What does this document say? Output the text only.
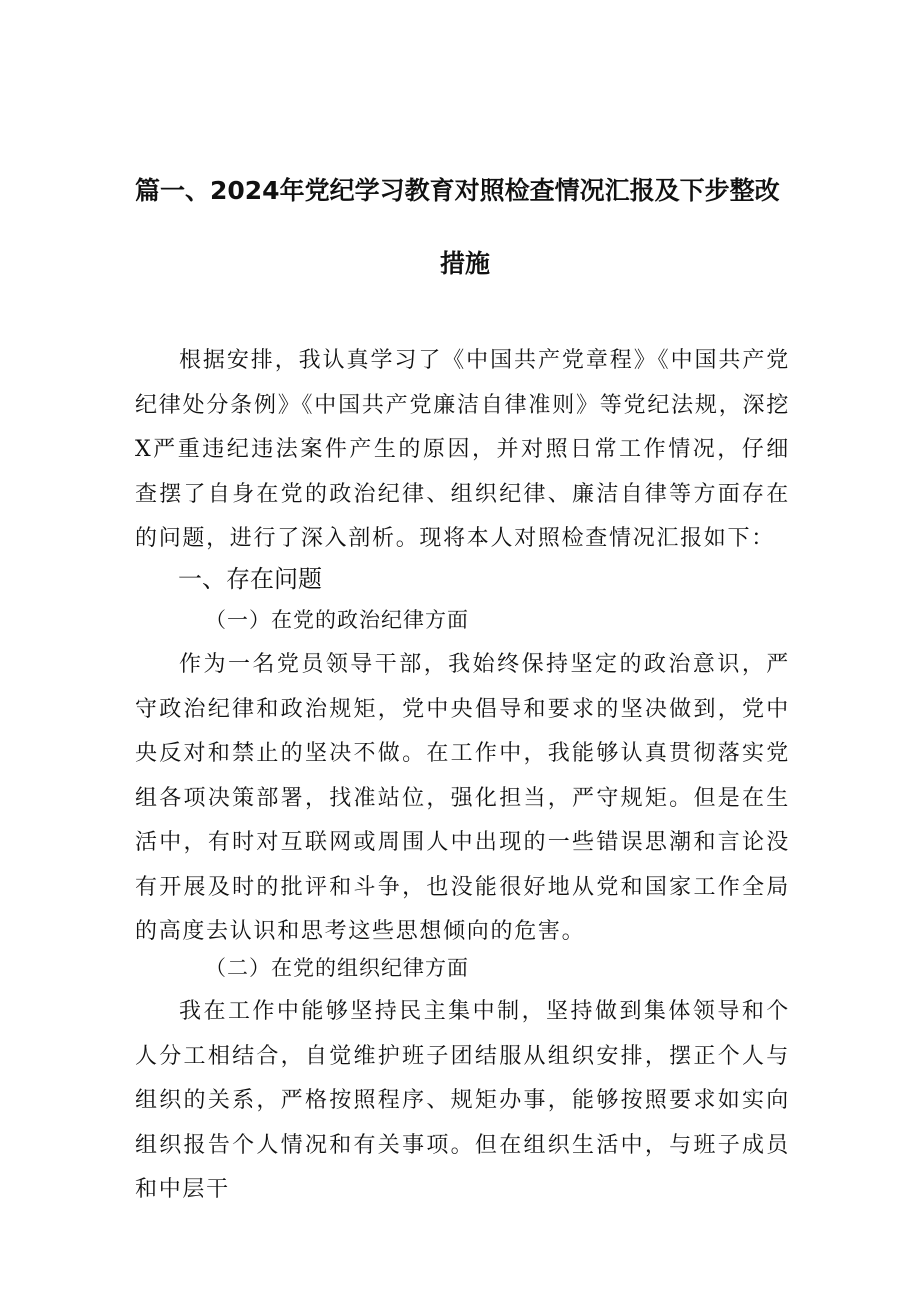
篇一、2024年党纪学习教育对照检查情况汇报及下步整改
措施

根据安排，我认真学习了《中国共产党章程》《中国共产党纪律处分条例》《中国共产党廉洁自律准则》等党纪法规，深挖X严重违纪违法案件产生的原因，并对照日常工作情况，仔细查摆了自身在党的政治纪律、组织纪律、廉洁自律等方面存在的问题，进行了深入剖析。现将本人对照检查情况汇报如下：

一、存在问题
（一）在党的政治纪律方面

作为一名党员领导干部，我始终保持坚定的政治意识，严守政治纪律和政治规矩，党中央倡导和要求的坚决做到，党中央反对和禁止的坚决不做。在工作中，我能够认真贯彻落实党组各项决策部署，找准站位，强化担当，严守规矩。但是在生活中，有时对互联网或周围人中出现的一些错误思潮和言论没有开展及时的批评和斗争，也没能很好地从党和国家工作全局的高度去认识和思考这些思想倾向的危害。

（二）在党的组织纪律方面

我在工作中能够坚持民主集中制，坚持做到集体领导和个人分工相结合，自觉维护班子团结服从组织安排，摆正个人与组织的关系，严格按照程序、规矩办事，能够按照要求如实向组织报告个人情况和有关事项。但在组织生活中，与班子成员和中层干
